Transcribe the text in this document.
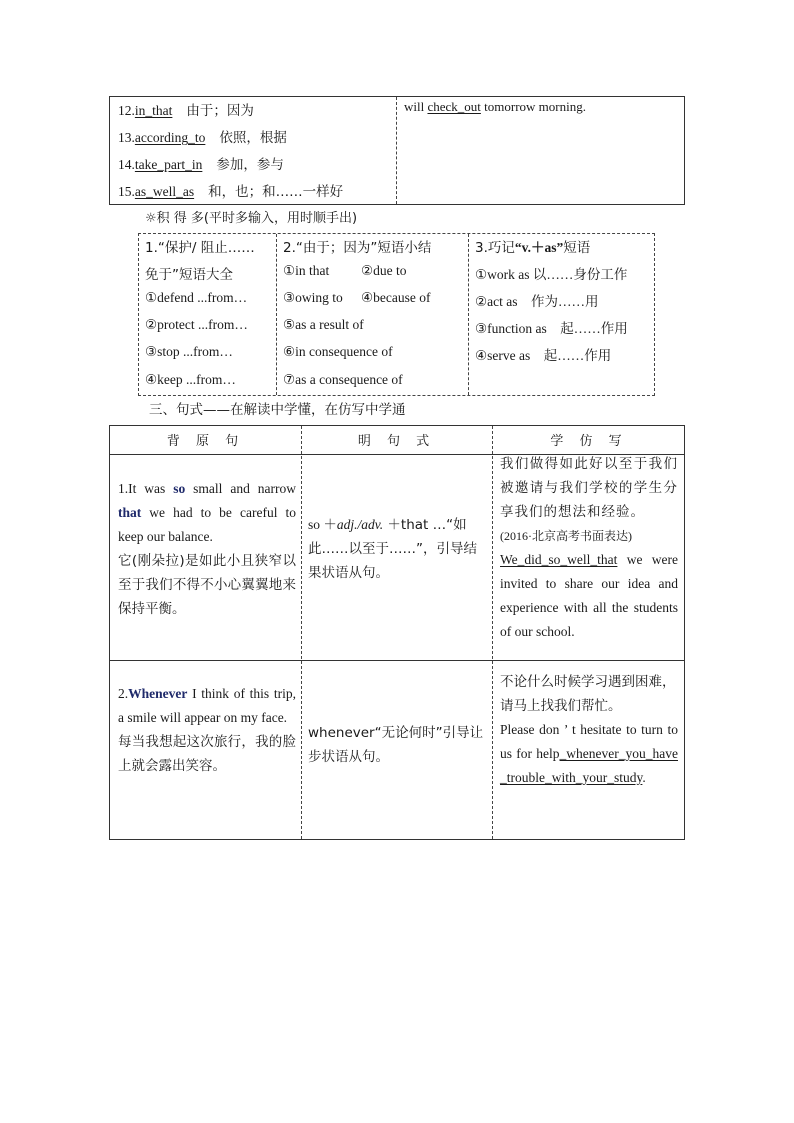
12.in_that 由于；因为
13.according_to 依照，根据
14.take_part_in 参加，参与
15.as_well_as 和，也；和……一样好
will check_out tomorrow morning.
☼积 得 多(平时多输入，用时顺手出)
1.“保护/ 阻止……
免于”短语大全
①defend ...from…
②protect ...from…
③stop ...from…
④keep ...from…
2.“由于；因为”短语小结
①in that ②due to
③owing to ④because of
⑤as a result of
⑥in consequence of
⑦as a consequence of
3.巧记“v.＋as”短语
①work as 以……身份工作
②act as　作为……用
③function as　起……作用
④serve as　起……作用
三、句式——在解读中学懂，在仿写中学通
背 原 句	明 句 式	学 仿 写
1.It was so small and narrow that we had to be careful to keep our balance.
它(刚朵拉)是如此小且狭窄以至于我们不得不小心翼翼地来保持平衡。
so ＋adj./adv. ＋that …“如此……以至于……”，引导结果状语从句。
我们做得如此好以至于我们被邀请与我们学校的学生分享我们的想法和经验。
(2016·北京高考书面表达)
We_did_so_well_that we were invited to share our idea and experience with all the students of our school.
2.Whenever I think of this trip, a smile will appear on my face.
每当我想起这次旅行，我的脸上就会露出笑容。
whenever“无论何时”引导让步状语从句。
不论什么时候学习遇到困难，请马上找我们帮忙。
Please don ’ t hesitate to turn to us for help_whenever_you_have_trouble_with_your_study.
